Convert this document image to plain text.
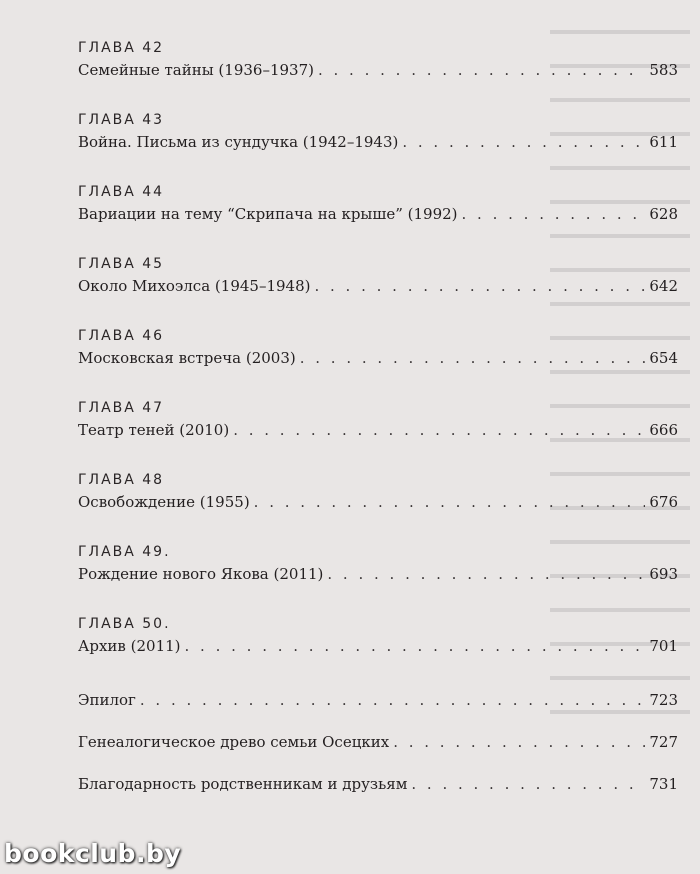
ГЛАВА 42
Семейные тайны (1936–1937) . . .	583
ГЛАВА 43
Война. Письма из сундучка (1942–1943) . . .	611
ГЛАВА 44
Вариации на тему “Скрипача на крыше” (1992) . . .	628
ГЛАВА 45
Около Михоэлса (1945–1948) . . .	642
ГЛАВА 46
Московская встреча (2003) . . .	654
ГЛАВА 47
Театр теней (2010) . . .	666
ГЛАВА 48
Освобождение (1955) . . .	676
ГЛАВА 49.
Рождение нового Якова (2011) . . .	693
ГЛАВА 50.
Архив (2011) . . .	701
Эпилог . . .	723
Генеалогическое древо семьи Осецких . . .	727
Благодарность родственникам и друзьям . . .	731
bookclub.by
